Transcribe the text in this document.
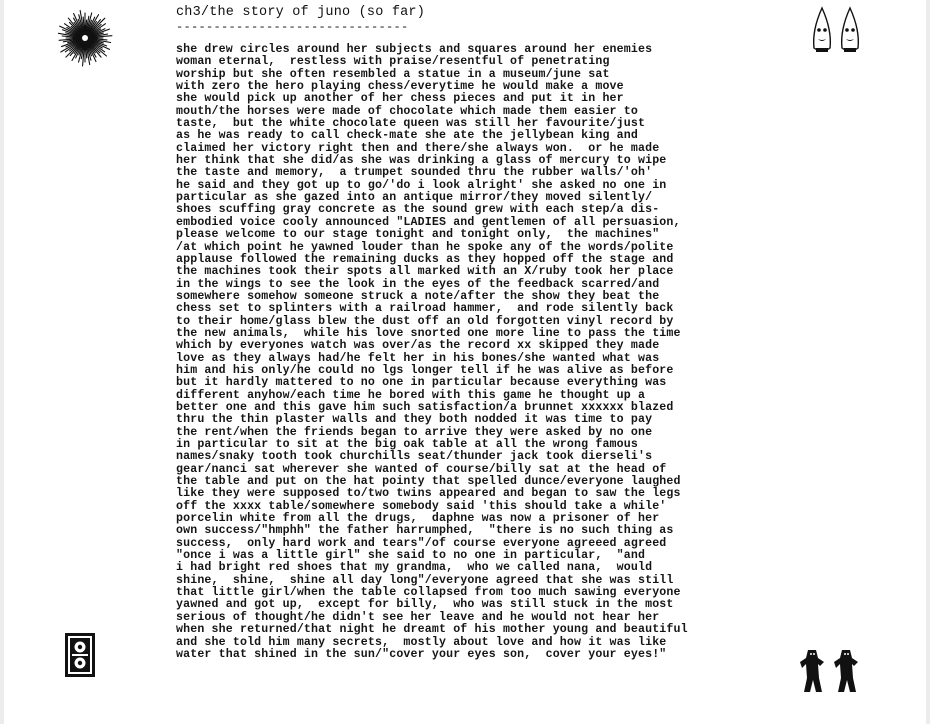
ch3/the story of juno (so far)
-------------------------------
she drew circles around her subjects and squares around her enemies
woman eternal,  restless with praise/resentful of penetrating
worship but she often resembled a statue in a museum/june sat
with zero the hero playing chess/everytime he would make a move
she would pick up another of her chess pieces and put it in her
mouth/the horses were made of chocolate which made them easier to
taste,  but the white chocolate queen was still her favourite/just
as he was ready to call check-mate she ate the jellybean king and
claimed her victory right then and there/she always won.  or he made
her think that she did/as she was drinking a glass of mercury to wipe
the taste and memory,  a trumpet sounded thru the rubber walls/'oh'
he said and they got up to go/'do i look alright' she asked no one in
particular as she gazed into an antique mirror/they moved silently/
shoes scuffing gray concrete as the sound grew with each step/a dis-
embodied voice cooly announced "LADIES and gentlemen of all persuasion,
please welcome to our stage tonight and tonight only,  the machines"
/at which point he yawned louder than he spoke any of the words/polite
applause followed the remaining ducks as they hopped off the stage and
the machines took their spots all marked with an X/ruby took her place
in the wings to see the look in the eyes of the feedback scarred/and
somewhere somehow someone struck a note/after the show they beat the
chess set to splinters with a railroad hammer,  and rode silently back
to their home/glass blew the dust off an old forgotten vinyl record by
the new animals,  while his love snorted one more line to pass the time
which by everyones watch was over/as the record xx skipped they made
love as they always had/he felt her in his bones/she wanted what was
him and his only/he could no lgs longer tell if he was alive as before
but it hardly mattered to no one in particular because everything was
different anyhow/each time he bored with this game he thought up a
better one and this gave him such satisfaction/a brunnet xxxxxx blazed
thru the thin plaster walls and they both nodded it was time to pay
the rent/when the friends began to arrive they were asked by no one
in particular to sit at the big oak table at all the wrong famous
names/snaky tooth took churchills seat/thunder jack took dierseli's
gear/nanci sat wherever she wanted of course/billy sat at the head of
the table and put on the hat pointy that spelled dunce/everyone laughed
like they were supposed to/two twins appeared and began to saw the legs
off the xxxx table/somewhere somebody said 'this should take a while'
porcelin white from all the drugs,  daphne was now a prisoner of her
own success/"hmphh" the father harrumphed,  "there is no such thing as
success,  only hard work and tears"/of course everyone agreeed agreed
"once i was a little girl" she said to no one in particular,  "and
i had bright red shoes that my grandma,  who we called nana,  would
shine,  shine,  shine all day long"/everyone agreed that she was still
that little girl/when the table collapsed from too much sawing everyone
yawned and got up,  except for billy,  who was still stuck in the most
serious of thought/he didn't see her leave and he would not hear her
when she returned/that night he dreamt of his mother young and beautiful
and she told him many secrets,  mostly about love and how it was like
water that shined in the sun/"cover your eyes son,  cover your eyes!"
